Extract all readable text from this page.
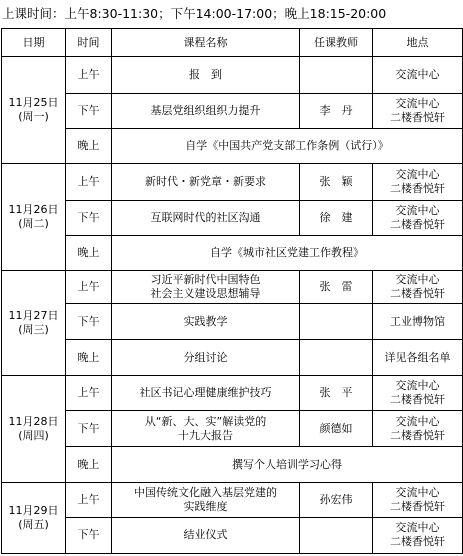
上课时间：上午8:30-11:30；下午14:00-17:00；晚上18:15-20:00
日期	时间	课程名称	任课教师	地点

11月25日
(周一)	上午	报　到		交流中心

	下午	基层党组织组织力提升	李　丹	交流中心
二楼香悦轩

	晚上	自学《中国共产党支部工作条例（试行）》		

11月26日
(周二)	上午	新时代・新党章・新要求	张　颖	交流中心
二楼香悦轩

	下午	互联网时代的社区沟通	徐　建	交流中心
二楼香悦轩

	晚上	自学《城市社区党建工作教程》		

11月27日
(周三)	上午	习近平新时代中国特色
社会主义建设思想辅导	张　雷	交流中心
二楼香悦轩

	下午	实践教学		工业博物馆

	晚上	分组讨论		详见各组名单

11月28日
(周四)	上午	社区书记心理健康维护技巧	张　平	交流中心
二楼香悦轩

	下午	从“新、大、实”解读党的
十九大报告	颜德如	交流中心
二楼香悦轩

	晚上	撰写个人培训学习心得		

11月29日
(周五)	上午	中国传统文化融入基层党建的
实践维度	孙宏伟	交流中心
二楼香悦轩

	下午	结业仪式		交流中心
二楼香悦轩
